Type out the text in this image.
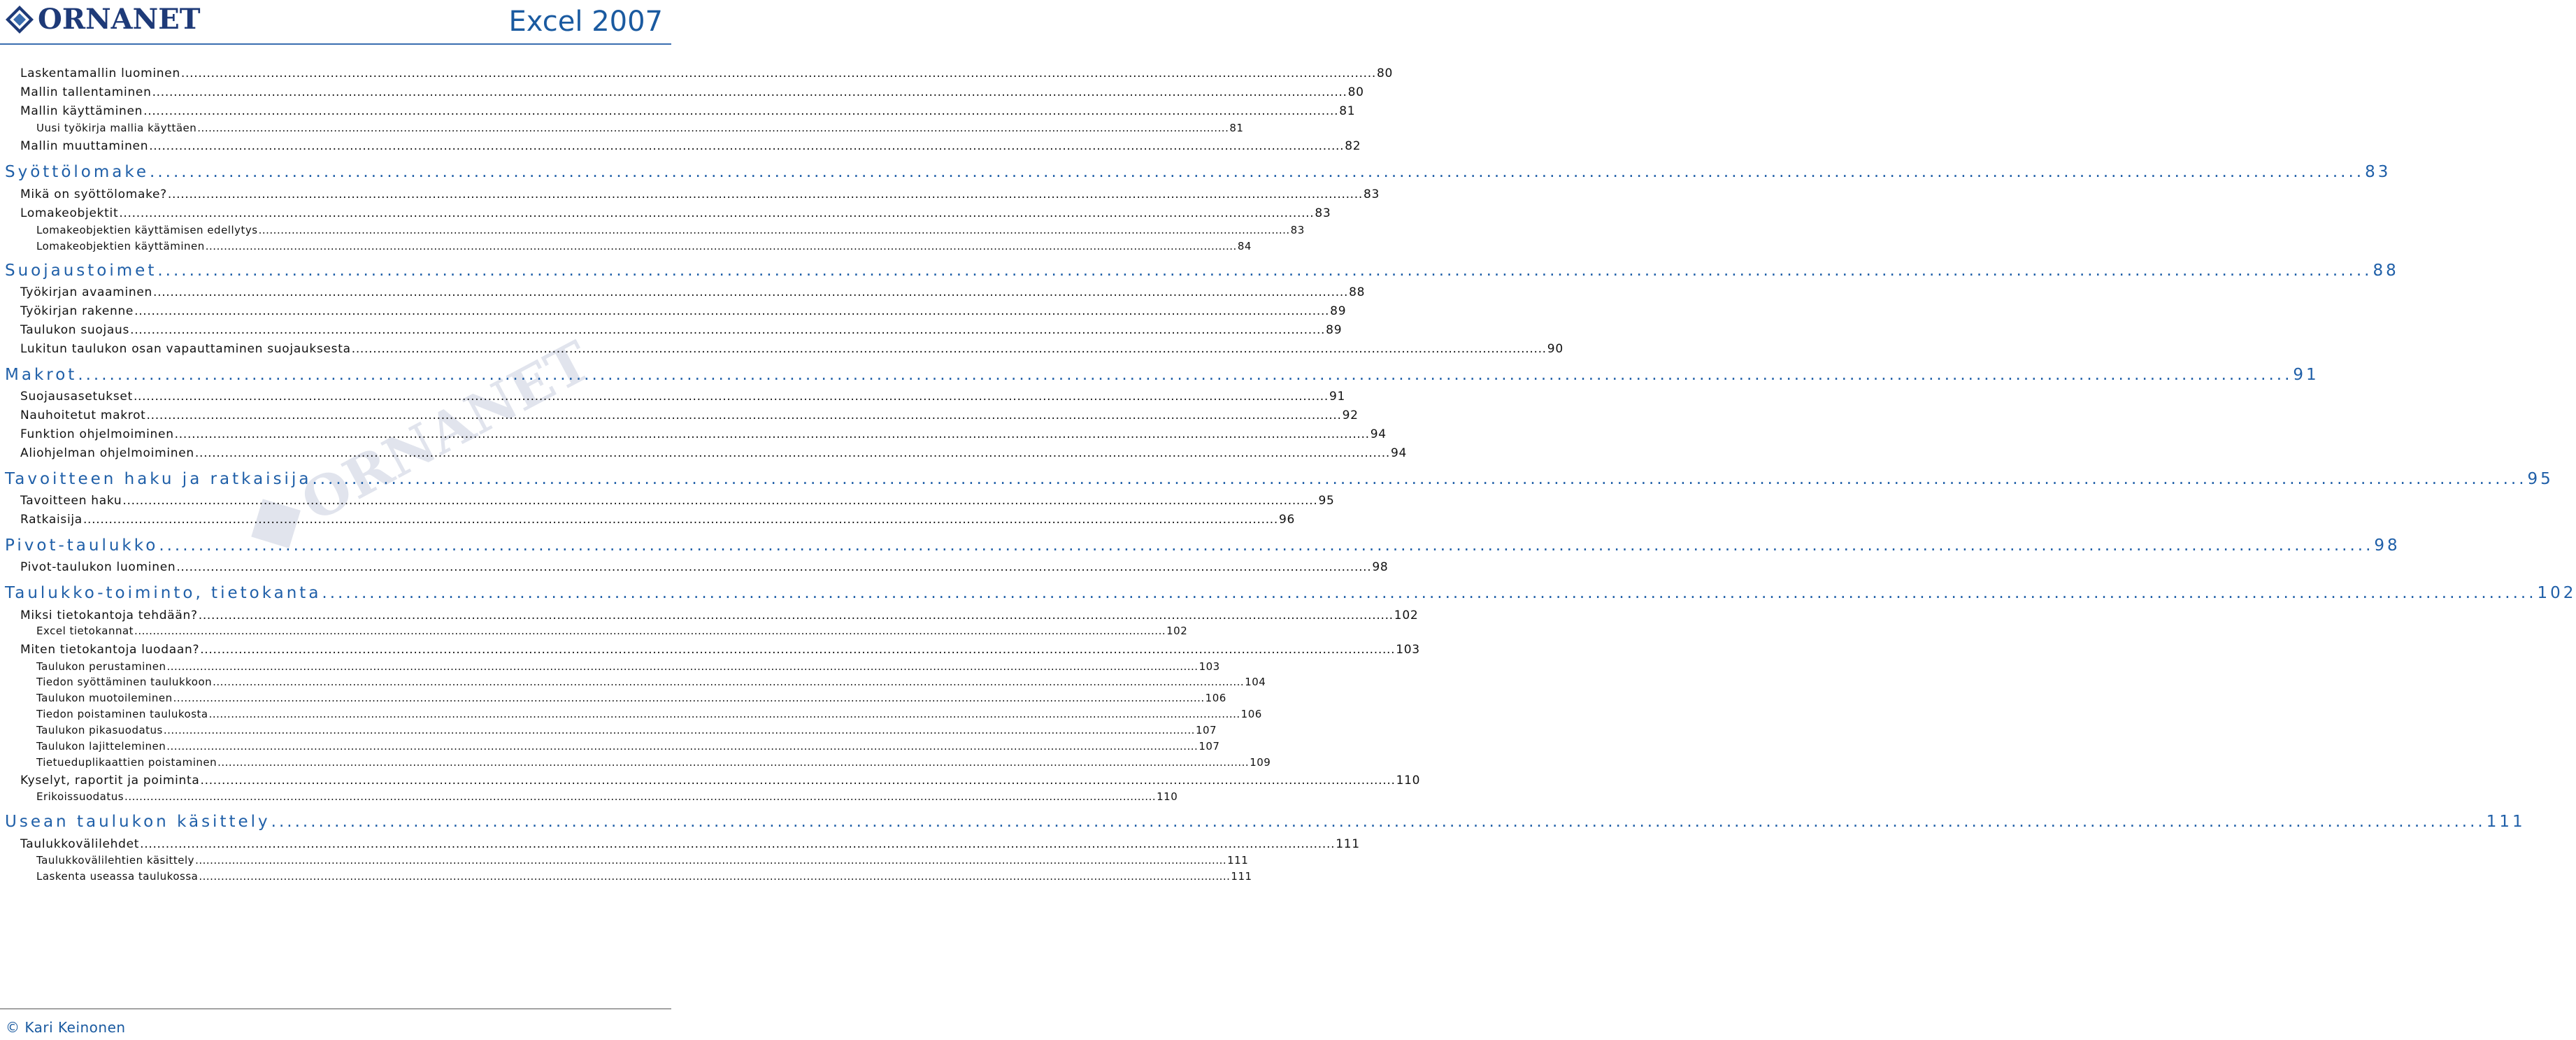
ORNANET	Excel 2007
ORNANET
Laskentamallin luominen .....	80
Mallin tallentaminen .....	80
Mallin käyttäminen .....	81
Uusi työkirja mallia käyttäen .....	81
Mallin muuttaminen .....	82
Syöttölomake .....	83
Mikä on syöttölomake? .....	83
Lomakeobjektit .....	83
Lomakeobjektien käyttämisen edellytys .....	83
Lomakeobjektien käyttäminen .....	84
Suojaustoimet .....	88
Työkirjan avaaminen .....	88
Työkirjan rakenne .....	89
Taulukon suojaus .....	89
Lukitun taulukon osan vapauttaminen suojauksesta .....	90
Makrot .....	91
Suojausasetukset .....	91
Nauhoitetut makrot .....	92
Funktion ohjelmoiminen .....	94
Aliohjelman ohjelmoiminen .....	94
Tavoitteen haku ja ratkaisija .....	95
Tavoitteen haku .....	95
Ratkaisija .....	96
Pivot-taulukko .....	98
Pivot-taulukon luominen .....	98
Taulukko-toiminto, tietokanta .....	102
Miksi tietokantoja tehdään? .....	102
Excel tietokannat .....	102
Miten tietokantoja luodaan? .....	103
Taulukon perustaminen .....	103
Tiedon syöttäminen taulukkoon .....	104
Taulukon muotoileminen .....	106
Tiedon poistaminen taulukosta .....	106
Taulukon pikasuodatus .....	107
Taulukon lajitteleminen .....	107
Tietueduplikaattien poistaminen .....	109
Kyselyt, raportit ja poiminta .....	110
Erikoissuodatus .....	110
Usean taulukon käsittely .....	111
Taulukkovälilehdet .....	111
Taulukkovälilehtien käsittely .....	111
Laskenta useassa taulukossa .....	111
© Kari Keinonen
